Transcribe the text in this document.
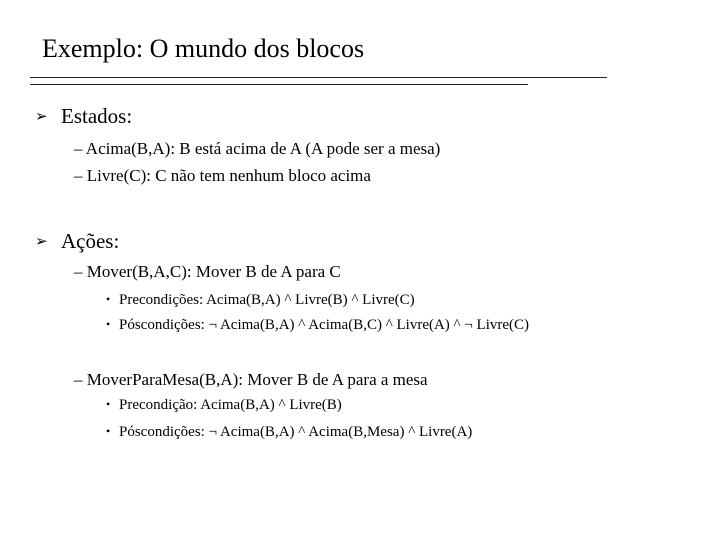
Exemplo: O mundo dos blocos
➢ Estados:
– Acima(B,A): B está acima de A (A pode ser a mesa)
– Livre(C): C não tem nenhum bloco acima
➢ Ações:
– Mover(B,A,C): Mover B de A para C
• Precondições: Acima(B,A) ^ Livre(B) ^ Livre(C)
• Póscondições: ¬ Acima(B,A) ^ Acima(B,C) ^ Livre(A) ^ ¬ Livre(C)
– MoverParaMesa(B,A): Mover B de A para a mesa
• Precondição: Acima(B,A) ^ Livre(B)
• Póscondições: ¬ Acima(B,A) ^ Acima(B,Mesa) ^ Livre(A)
